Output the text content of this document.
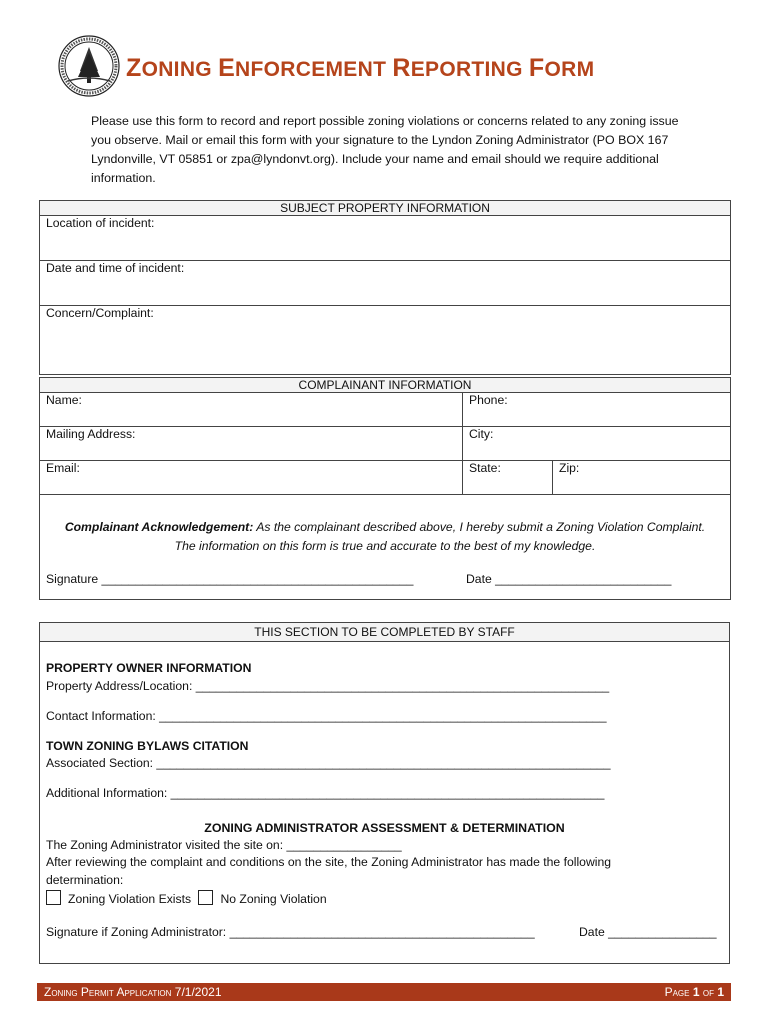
ZONING ENFORCEMENT REPORTING FORM
Please use this form to record and report possible zoning violations or concerns related to any zoning issue you observe. Mail or email this form with your signature to the Lyndon Zoning Administrator (PO BOX 167 Lyndonville, VT 05851 or zpa@lyndonvt.org). Include your name and email should we require additional information.
SUBJECT PROPERTY INFORMATION
Location of incident:
Date and time of incident:
Concern/Complaint:
COMPLAINANT INFORMATION		
Name:	Phone:	
Mailing Address:	City:	
Email:	State:	Zip:

Complainant Acknowledgement: As the complainant described above, I hereby submit a Zoning Violation Complaint.
The information on this form is true and accurate to the best of my knowledge.
Signature ______________________________________________	Date __________________________
THIS SECTION TO BE COMPLETED BY STAFF
PROPERTY OWNER INFORMATION
Property Address/Location: _____________________________________________________________
Contact Information: __________________________________________________________________
TOWN ZONING BYLAWS CITATION
Associated Section: ___________________________________________________________________
Additional Information: ________________________________________________________________
ZONING ADMINISTRATOR ASSESSMENT & DETERMINATION
The Zoning Administrator visited the site on: _________________
After reviewing the complaint and conditions on the site, the Zoning Administrator has made the following
determination:
Zoning Violation Exists No Zoning Violation
Signature if Zoning Administrator: _____________________________________________	Date ________________
Zoning Permit Application 7/1/2021	Page 1 of 1
